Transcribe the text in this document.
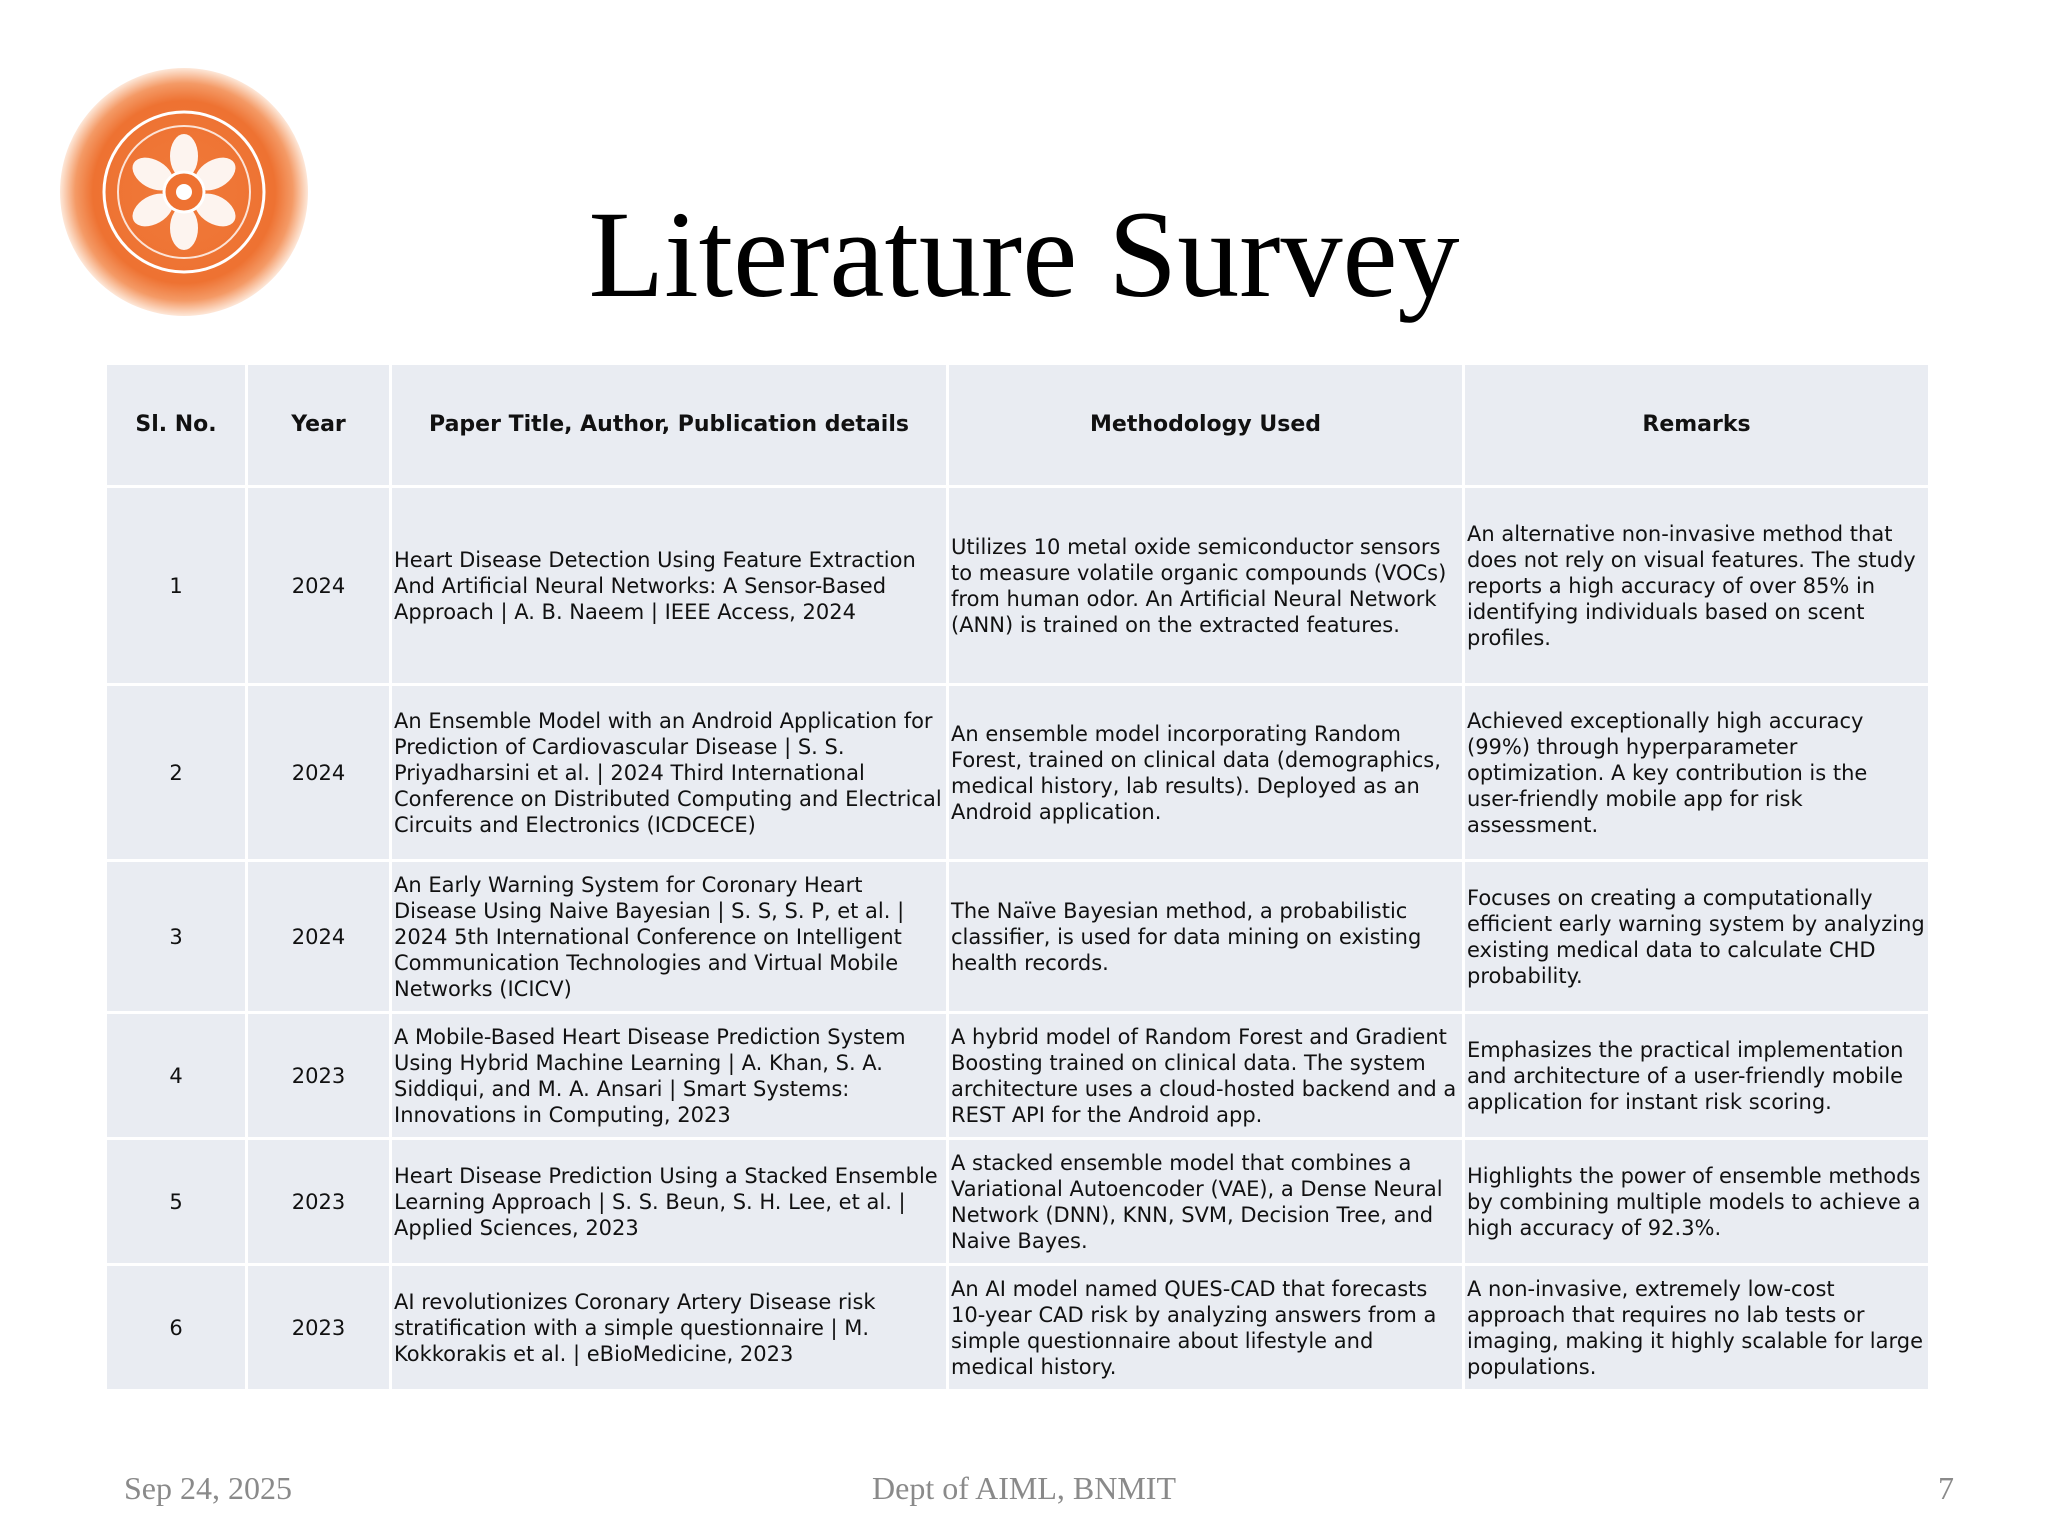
Literature Survey
Sl. No.	Year	Paper Title, Author, Publication details	Methodology Used	Remarks
1	2024	Heart Disease Detection Using Feature Extraction And Artificial Neural Networks: A Sensor-Based Approach | A. B. Naeem | IEEE Access, 2024	Utilizes 10 metal oxide semiconductor sensors to measure volatile organic compounds (VOCs) from human odor. An Artificial Neural Network (ANN) is trained on the extracted features.	An alternative non-invasive method that does not rely on visual features. The study reports a high accuracy of over 85% in identifying individuals based on scent profiles.
2	2024	An Ensemble Model with an Android Application for Prediction of Cardiovascular Disease | S. S. Priyadharsini et al. | 2024 Third International Conference on Distributed Computing and Electrical Circuits and Electronics (ICDCECE)	An ensemble model incorporating Random Forest, trained on clinical data (demographics, medical history, lab results). Deployed as an Android application.	Achieved exceptionally high accuracy (99%) through hyperparameter optimization. A key contribution is the user-friendly mobile app for risk assessment.
3	2024	An Early Warning System for Coronary Heart Disease Using Naive Bayesian | S. S, S. P, et al. | 2024 5th International Conference on Intelligent Communication Technologies and Virtual Mobile Networks (ICICV)	The Naïve Bayesian method, a probabilistic classifier, is used for data mining on existing health records.	Focuses on creating a computationally efficient early warning system by analyzing existing medical data to calculate CHD probability.
4	2023	A Mobile-Based Heart Disease Prediction System Using Hybrid Machine Learning | A. Khan, S. A. Siddiqui, and M. A. Ansari | Smart Systems: Innovations in Computing, 2023	A hybrid model of Random Forest and Gradient Boosting trained on clinical data. The system architecture uses a cloud-hosted backend and a REST API for the Android app.	Emphasizes the practical implementation and architecture of a user-friendly mobile application for instant risk scoring.
5	2023	Heart Disease Prediction Using a Stacked Ensemble Learning Approach | S. S. Beun, S. H. Lee, et al. | Applied Sciences, 2023	A stacked ensemble model that combines a Variational Autoencoder (VAE), a Dense Neural Network (DNN), KNN, SVM, Decision Tree, and Naive Bayes.	Highlights the power of ensemble methods by combining multiple models to achieve a high accuracy of 92.3%.
6	2023	AI revolutionizes Coronary Artery Disease risk stratification with a simple questionnaire | M. Kokkorakis et al. | eBioMedicine, 2023	An AI model named QUES-CAD that forecasts 10-year CAD risk by analyzing answers from a simple questionnaire about lifestyle and medical history.	A non-invasive, extremely low-cost approach that requires no lab tests or imaging, making it highly scalable for large populations.
Sep 24, 2025	Dept of AIML, BNMIT	7
